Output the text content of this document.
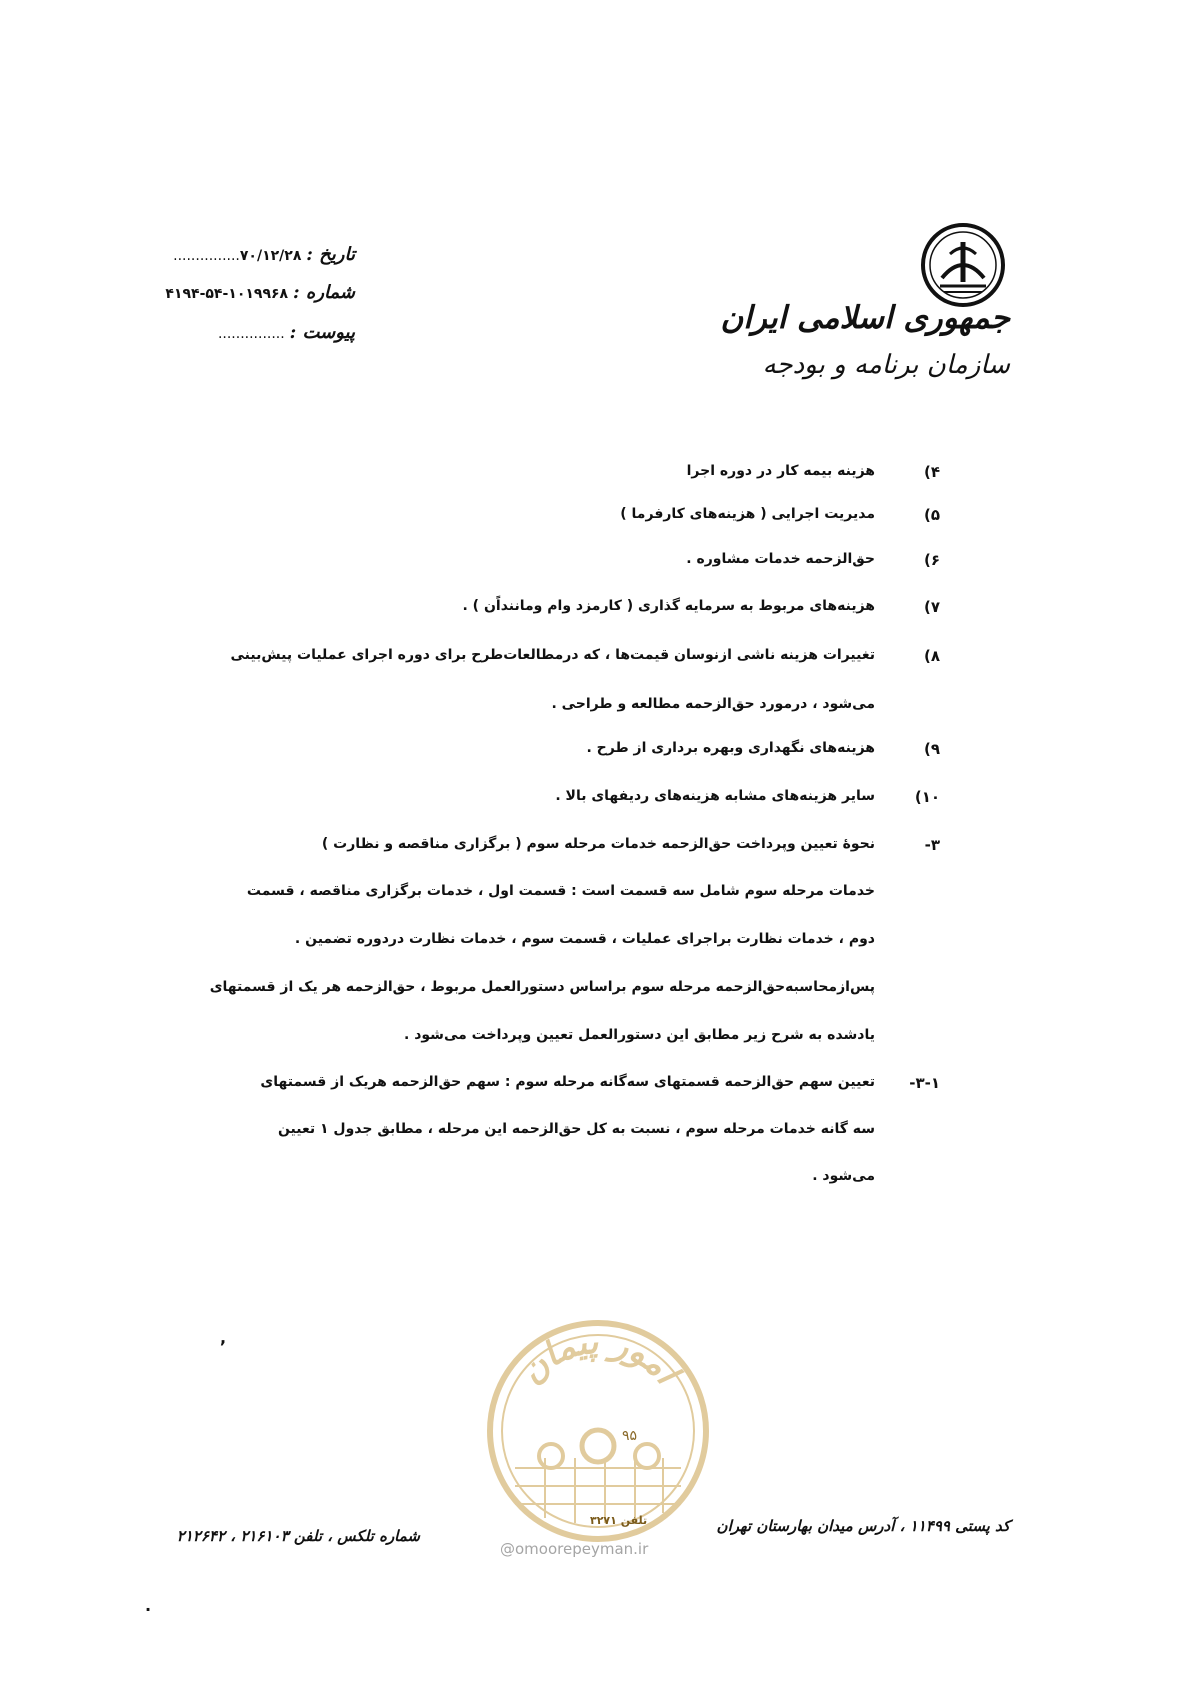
جمهوری اسلامی ایران
سازمان برنامه و بودجه
تاریخ : ۷۰/۱۲/۲۸...............
شماره : ۱۰۱۹۹۶۸-۵۴-۴۱۹۴
پیوست : ...............
۴)
هزینه بیمه کار در دوره اجرا
۵)
مدیریت اجرایی ( هزینه‌های کارفرما )
۶)
حق‌الزحمه خدمات مشاوره .
۷)
هزینه‌های مربوط به سرمایه گذاری ( کارمزد وام وماننداًن ) .
۸)
تغییرات هزینه ناشی ازنوسان قیمت‌ها ، که درمطالعات‌طرح برای دوره اجرای عملیات پیش‌بینی
می‌شود ، درمورد حق‌الزحمه مطالعه و طراحی .
۹)
هزینه‌های نگهداری وبهره برداری از طرح .
۱۰)
سایر هزینه‌های مشابه هزینه‌های ردیفهای بالا .
۳-
نحوهٔ تعیین وپرداخت حق‌الزحمه خدمات مرحله سوم ( برگزاری مناقصه و نظارت )
خدمات مرحله سوم شامل سه قسمت است : قسمت اول ، خدمات برگزاری مناقصه ، قسمت
دوم ، خدمات نظارت براجرای عملیات ، قسمت سوم ، خدمات نظارت دردوره تضمین .
پس‌ازمحاسبه‌حق‌الزحمه مرحله سوم براساس دستورالعمل مربوط ، حق‌الزحمه هر یک از قسمتهای
یادشده به شرح زیر مطابق این دستورالعمل تعیین وپرداخت می‌شود .
۳-۱-
تعیین سهم حق‌الزحمه قسمتهای سه‌گانه مرحله سوم : سهم حق‌الزحمه هریک از قسمتهای
سه گانه خدمات مرحله سوم ، نسبت به کل حق‌الزحمه این مرحله ، مطابق جدول ۱ تعیین
می‌شود .
امور پیمان
۹۵
تلفن ۳۲۷۱
@omoorepeyman.ir
کد پستی ۱۱۴۹۹ ، آدرس میدان بهارستان تهران
شماره تلکس ، تلفن ۲۱۶۱۰۳ ، ۲۱۲۶۴۲
,
.
